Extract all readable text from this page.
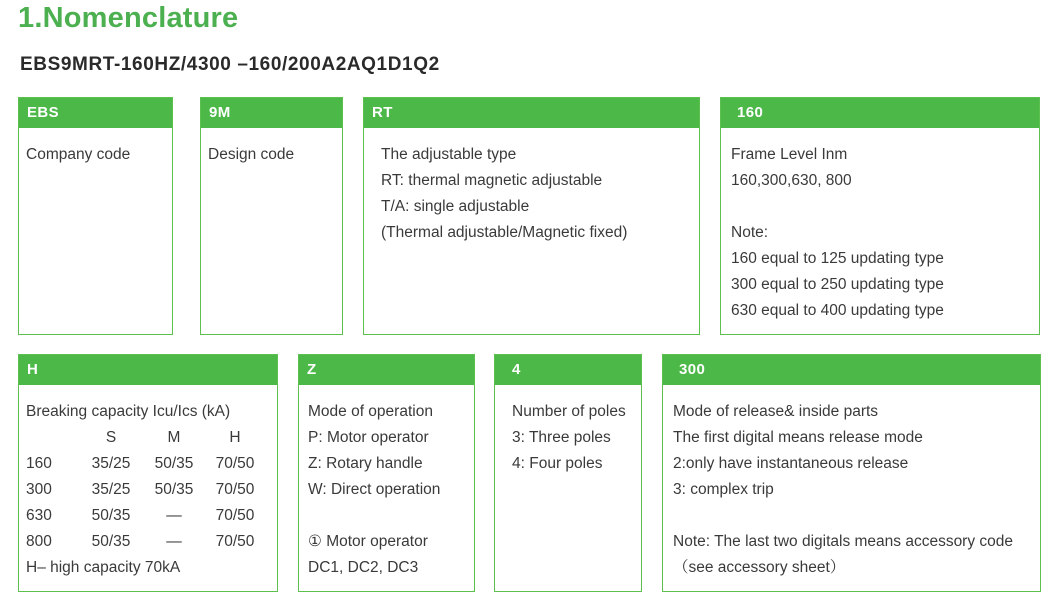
1.Nomenclature
EBS9MRT-160HZ/4300 –160/200A2AQ1D1Q2
EBS
Company code
9M
Design code
RT
The adjustable type
RT: thermal magnetic adjustable
T/A: single adjustable
(Thermal adjustable/Magnetic fixed)
160
Frame Level Inm
160,300,630, 800
Note:
160 equal to 125 updating type
300 equal to 250 updating type
630 equal to 400 updating type
H
Breaking capacity Icu/Ics (kA)
	S	M	H
160	35/25	50/35	70/50
300	35/25	50/35	70/50
630	50/35	—	70/50
800	50/35	—	70/50
H– high capacity 70kA
Z
Mode of operation
P: Motor operator
Z: Rotary handle
W: Direct operation
① Motor operator
DC1, DC2, DC3
4
Number of poles
3: Three poles
4: Four poles
300
Mode of release& inside parts
The first digital means release mode
2:only have instantaneous release
3: complex trip
Note: The last two digitals means accessory code
（see accessory sheet）
